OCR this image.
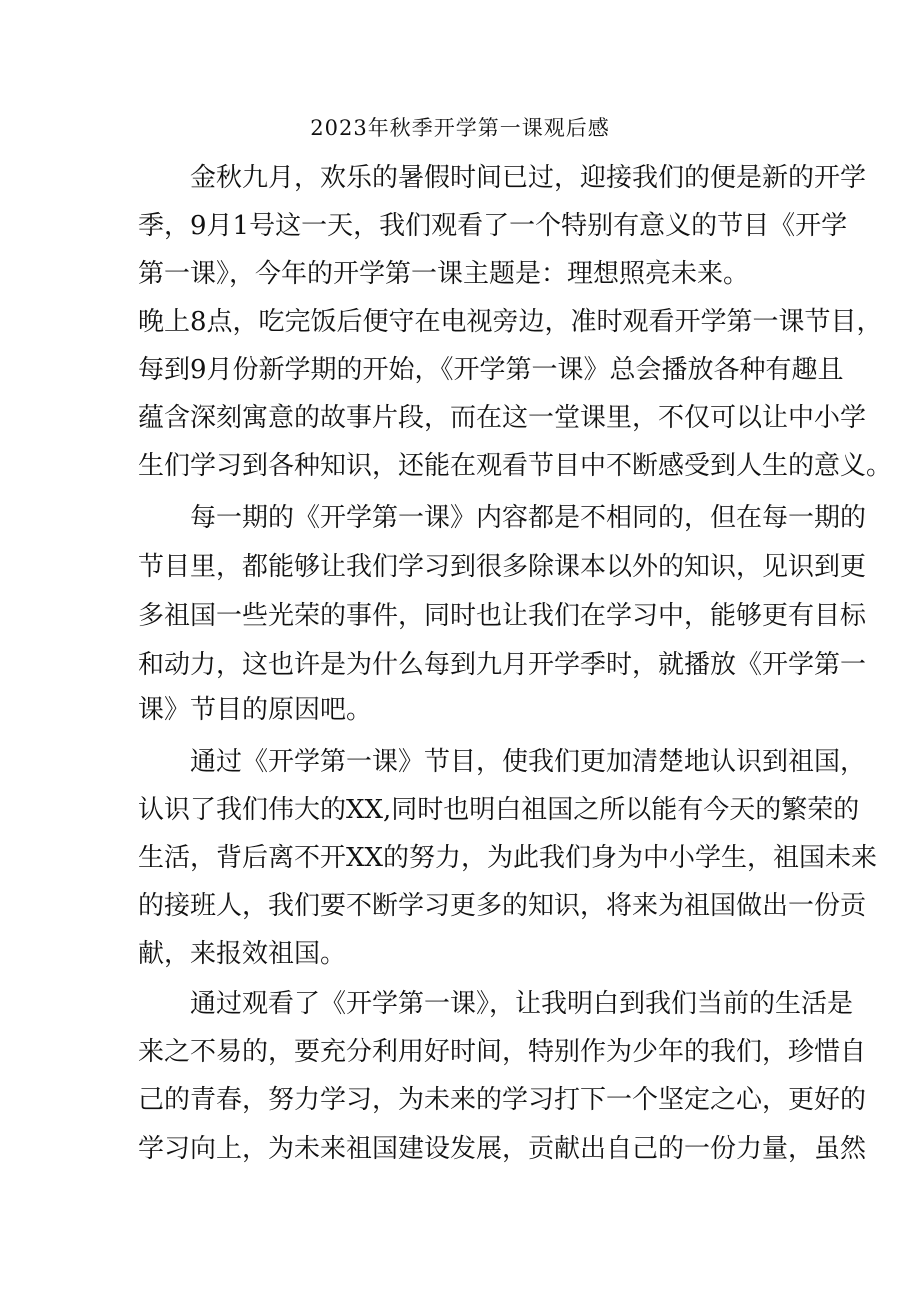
2023年秋季开学第一课观后感
金秋九月，欢乐的暑假时间已过，迎接我们的便是新的开学
季，9月1号这一天，我们观看了一个特别有意义的节目《开学
第一课》，今年的开学第一课主题是：理想照亮未来。
晚上8点，吃完饭后便守在电视旁边，准时观看开学第一课节目，
每到9月份新学期的开始，《开学第一课》总会播放各种有趣且
蕴含深刻寓意的故事片段，而在这一堂课里，不仅可以让中小学
生们学习到各种知识，还能在观看节目中不断感受到人生的意义。
每一期的《开学第一课》内容都是不相同的，但在每一期的
节目里，都能够让我们学习到很多除课本以外的知识，见识到更
多祖国一些光荣的事件，同时也让我们在学习中，能够更有目标
和动力，这也许是为什么每到九月开学季时，就播放《开学第一
课》节目的原因吧。
通过《开学第一课》节目，使我们更加清楚地认识到祖国，
认识了我们伟大的XX,同时也明白祖国之所以能有今天的繁荣的
生活，背后离不开XX的努力，为此我们身为中小学生，祖国未来
的接班人，我们要不断学习更多的知识，将来为祖国做出一份贡
献，来报效祖国。
通过观看了《开学第一课》，让我明白到我们当前的生活是
来之不易的，要充分利用好时间，特别作为少年的我们，珍惜自
己的青春，努力学习，为未来的学习打下一个坚定之心，更好的
学习向上，为未来祖国建设发展，贡献出自己的一份力量，虽然
